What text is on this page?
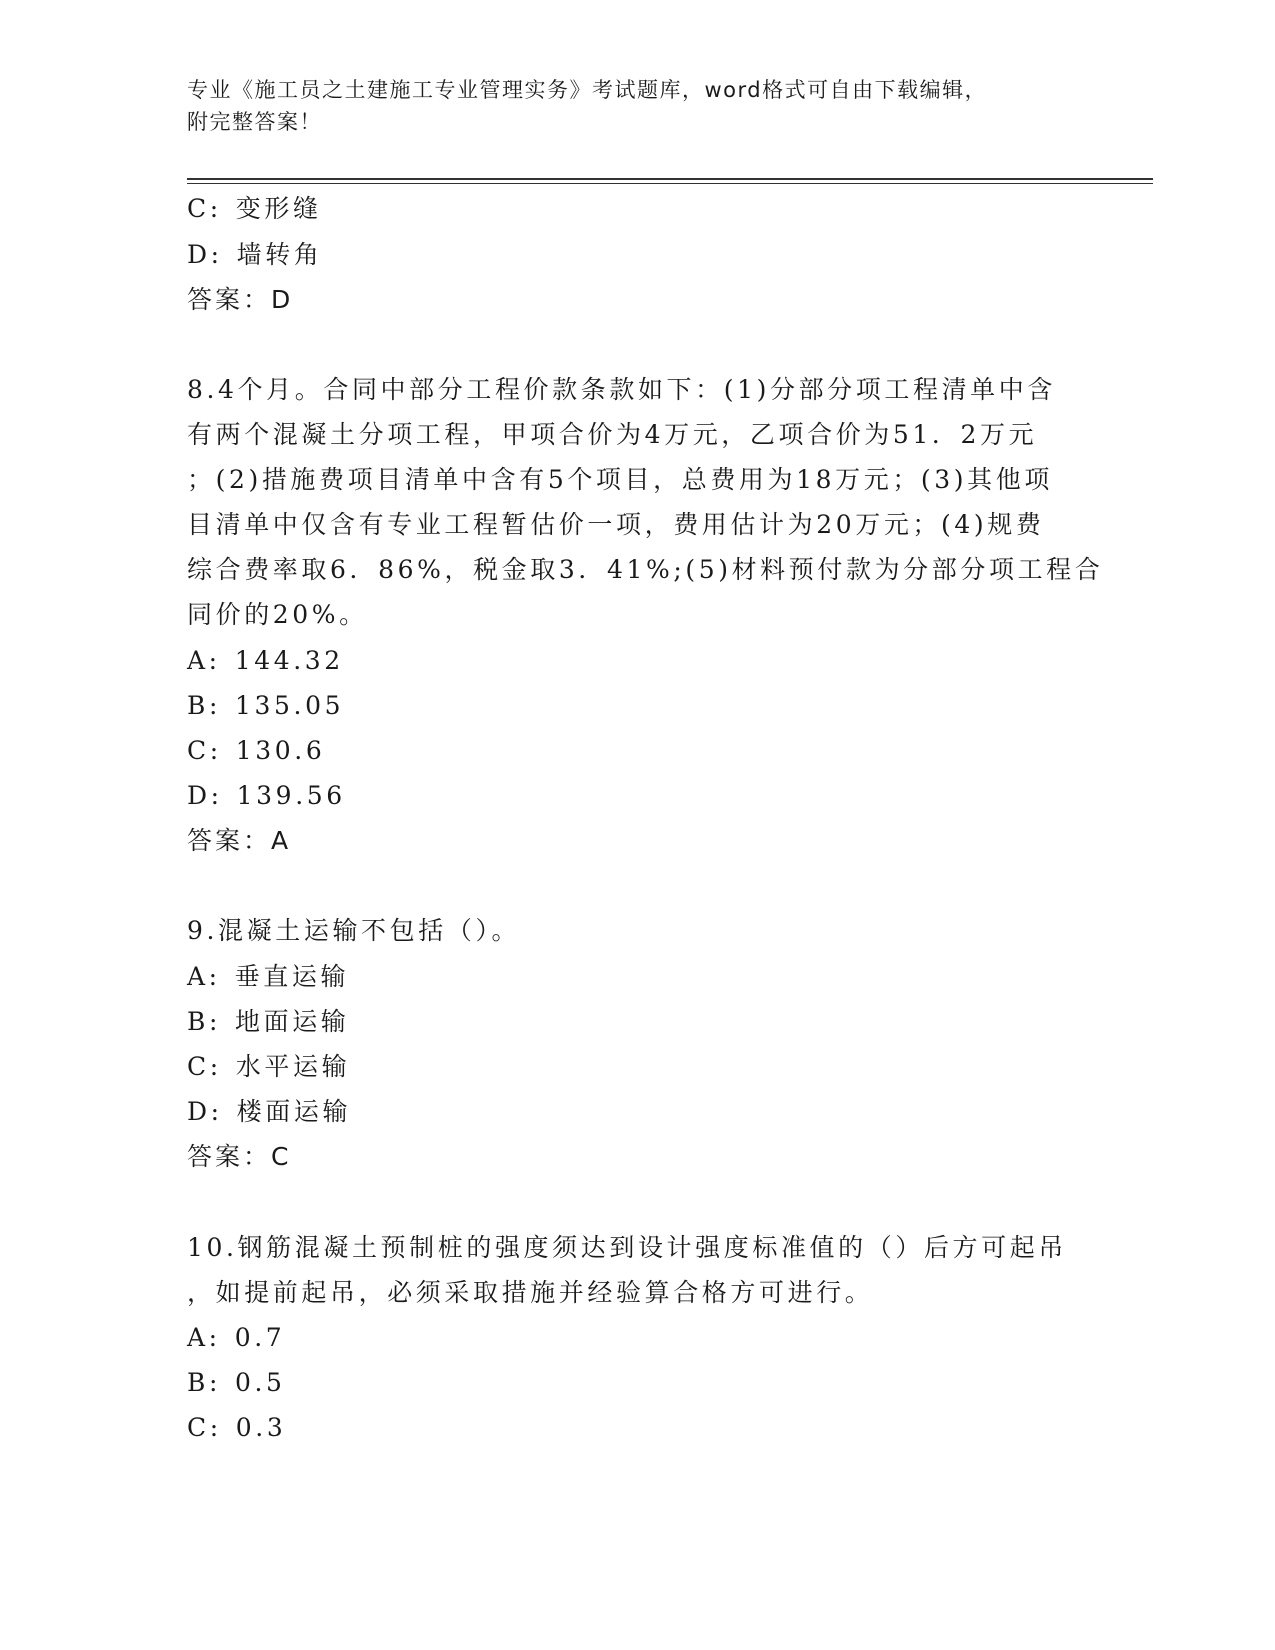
专业《施工员之土建施工专业管理实务》考试题库，word格式可自由下载编辑，
附完整答案！
C: 变形缝
D: 墙转角
答案：D
8.4个月。合同中部分工程价款条款如下：(1)分部分项工程清单中含
有两个混凝土分项工程，甲项合价为4万元，乙项合价为51．2万元
；(2)措施费项目清单中含有5个项目，总费用为18万元；(3)其他项
目清单中仅含有专业工程暂估价一项，费用估计为20万元；(4)规费
综合费率取6．86%，税金取3．41%;(5)材料预付款为分部分项工程合
同价的20%。
A: 144.32
B: 135.05
C: 130.6
D: 139.56
答案：A
9.混凝土运输不包括（）。
A: 垂直运输
B: 地面运输
C: 水平运输
D: 楼面运输
答案：C
10.钢筋混凝土预制桩的强度须达到设计强度标准值的（）后方可起吊
，如提前起吊，必须采取措施并经验算合格方可进行。
A: 0.7
B: 0.5
C: 0.3
